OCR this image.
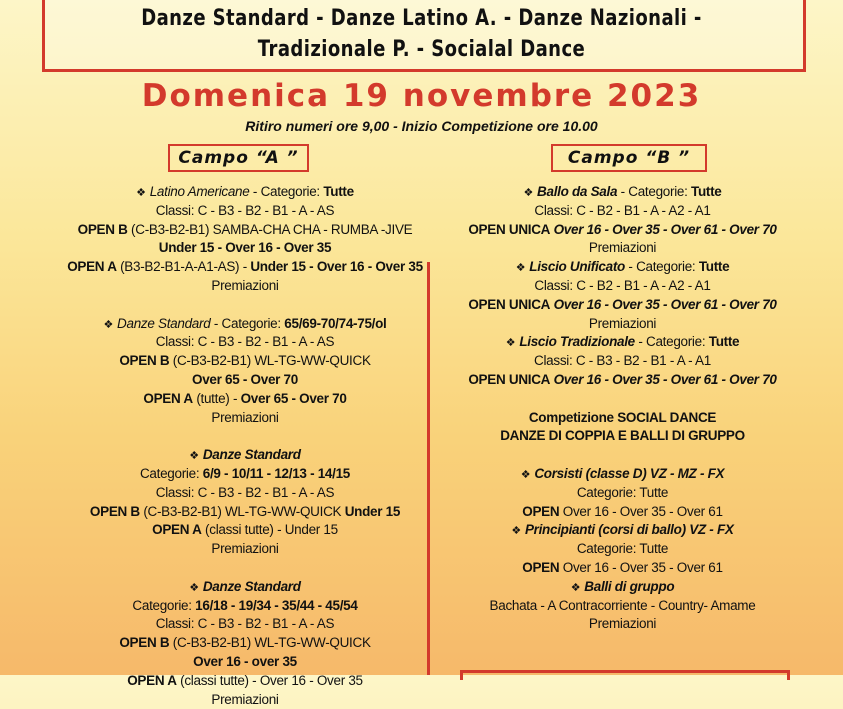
Danze Standard - Danze Latino A. - Danze Nazionali -
Tradizionale P. - Socialal Dance
Domenica 19 novembre 2023
Ritiro numeri ore 9,00 - Inizio Competizione ore 10.00
Campo “A ”	Campo “B ”
❖ Latino Americane - Categorie: Tutte
Classi: C - B3 - B2 - B1 - A - AS
OPEN B (C-B3-B2-B1) SAMBA-CHA CHA - RUMBA -JIVE
Under 15 - Over 16 - Over 35
OPEN A (B3-B2-B1-A-A1-AS) - Under 15 - Over 16 - Over 35
Premiazioni
❖ Danze Standard - Categorie: 65/69-70/74-75/ol
Classi: C - B3 - B2 - B1 - A - AS
OPEN B (C-B3-B2-B1) WL-TG-WW-QUICK
Over 65 - Over 70
OPEN A (tutte) - Over 65 - Over 70
Premiazioni
❖ Danze Standard
Categorie: 6/9 - 10/11 - 12/13 - 14/15
Classi: C - B3 - B2 - B1 - A - AS
OPEN B (C-B3-B2-B1) WL-TG-WW-QUICK Under 15
OPEN A (classi tutte) - Under 15
Premiazioni
❖ Danze Standard
Categorie: 16/18 - 19/34 - 35/44 - 45/54
Classi: C - B3 - B2 - B1 - A - AS
OPEN B (C-B3-B2-B1) WL-TG-WW-QUICK
Over 16 - over 35
OPEN A (classi tutte) - Over 16 - Over 35
Premiazioni
❖ Ballo da Sala - Categorie: Tutte
Classi: C - B2 - B1 - A - A2 - A1
OPEN UNICA Over 16 - Over 35 - Over 61 - Over 70
Premiazioni
❖ Liscio Unificato - Categorie: Tutte
Classi: C - B2 - B1 - A - A2 - A1
OPEN UNICA Over 16 - Over 35 - Over 61 - Over 70
Premiazioni
❖ Liscio Tradizionale - Categorie: Tutte
Classi: C - B3 - B2 - B1 - A - A1
OPEN UNICA Over 16 - Over 35 - Over 61 - Over 70
Competizione SOCIAL DANCE
DANZE DI COPPIA E BALLI DI GRUPPO
❖ Corsisti (classe D) VZ - MZ - FX
Categorie: Tutte
OPEN Over 16 - Over 35 - Over 61
❖ Principianti (corsi di ballo) VZ - FX
Categorie: Tutte
OPEN Over 16 - Over 35 - Over 61
❖ Balli di gruppo
Bachata - A Contracorriente - Country- Amame
Premiazioni
